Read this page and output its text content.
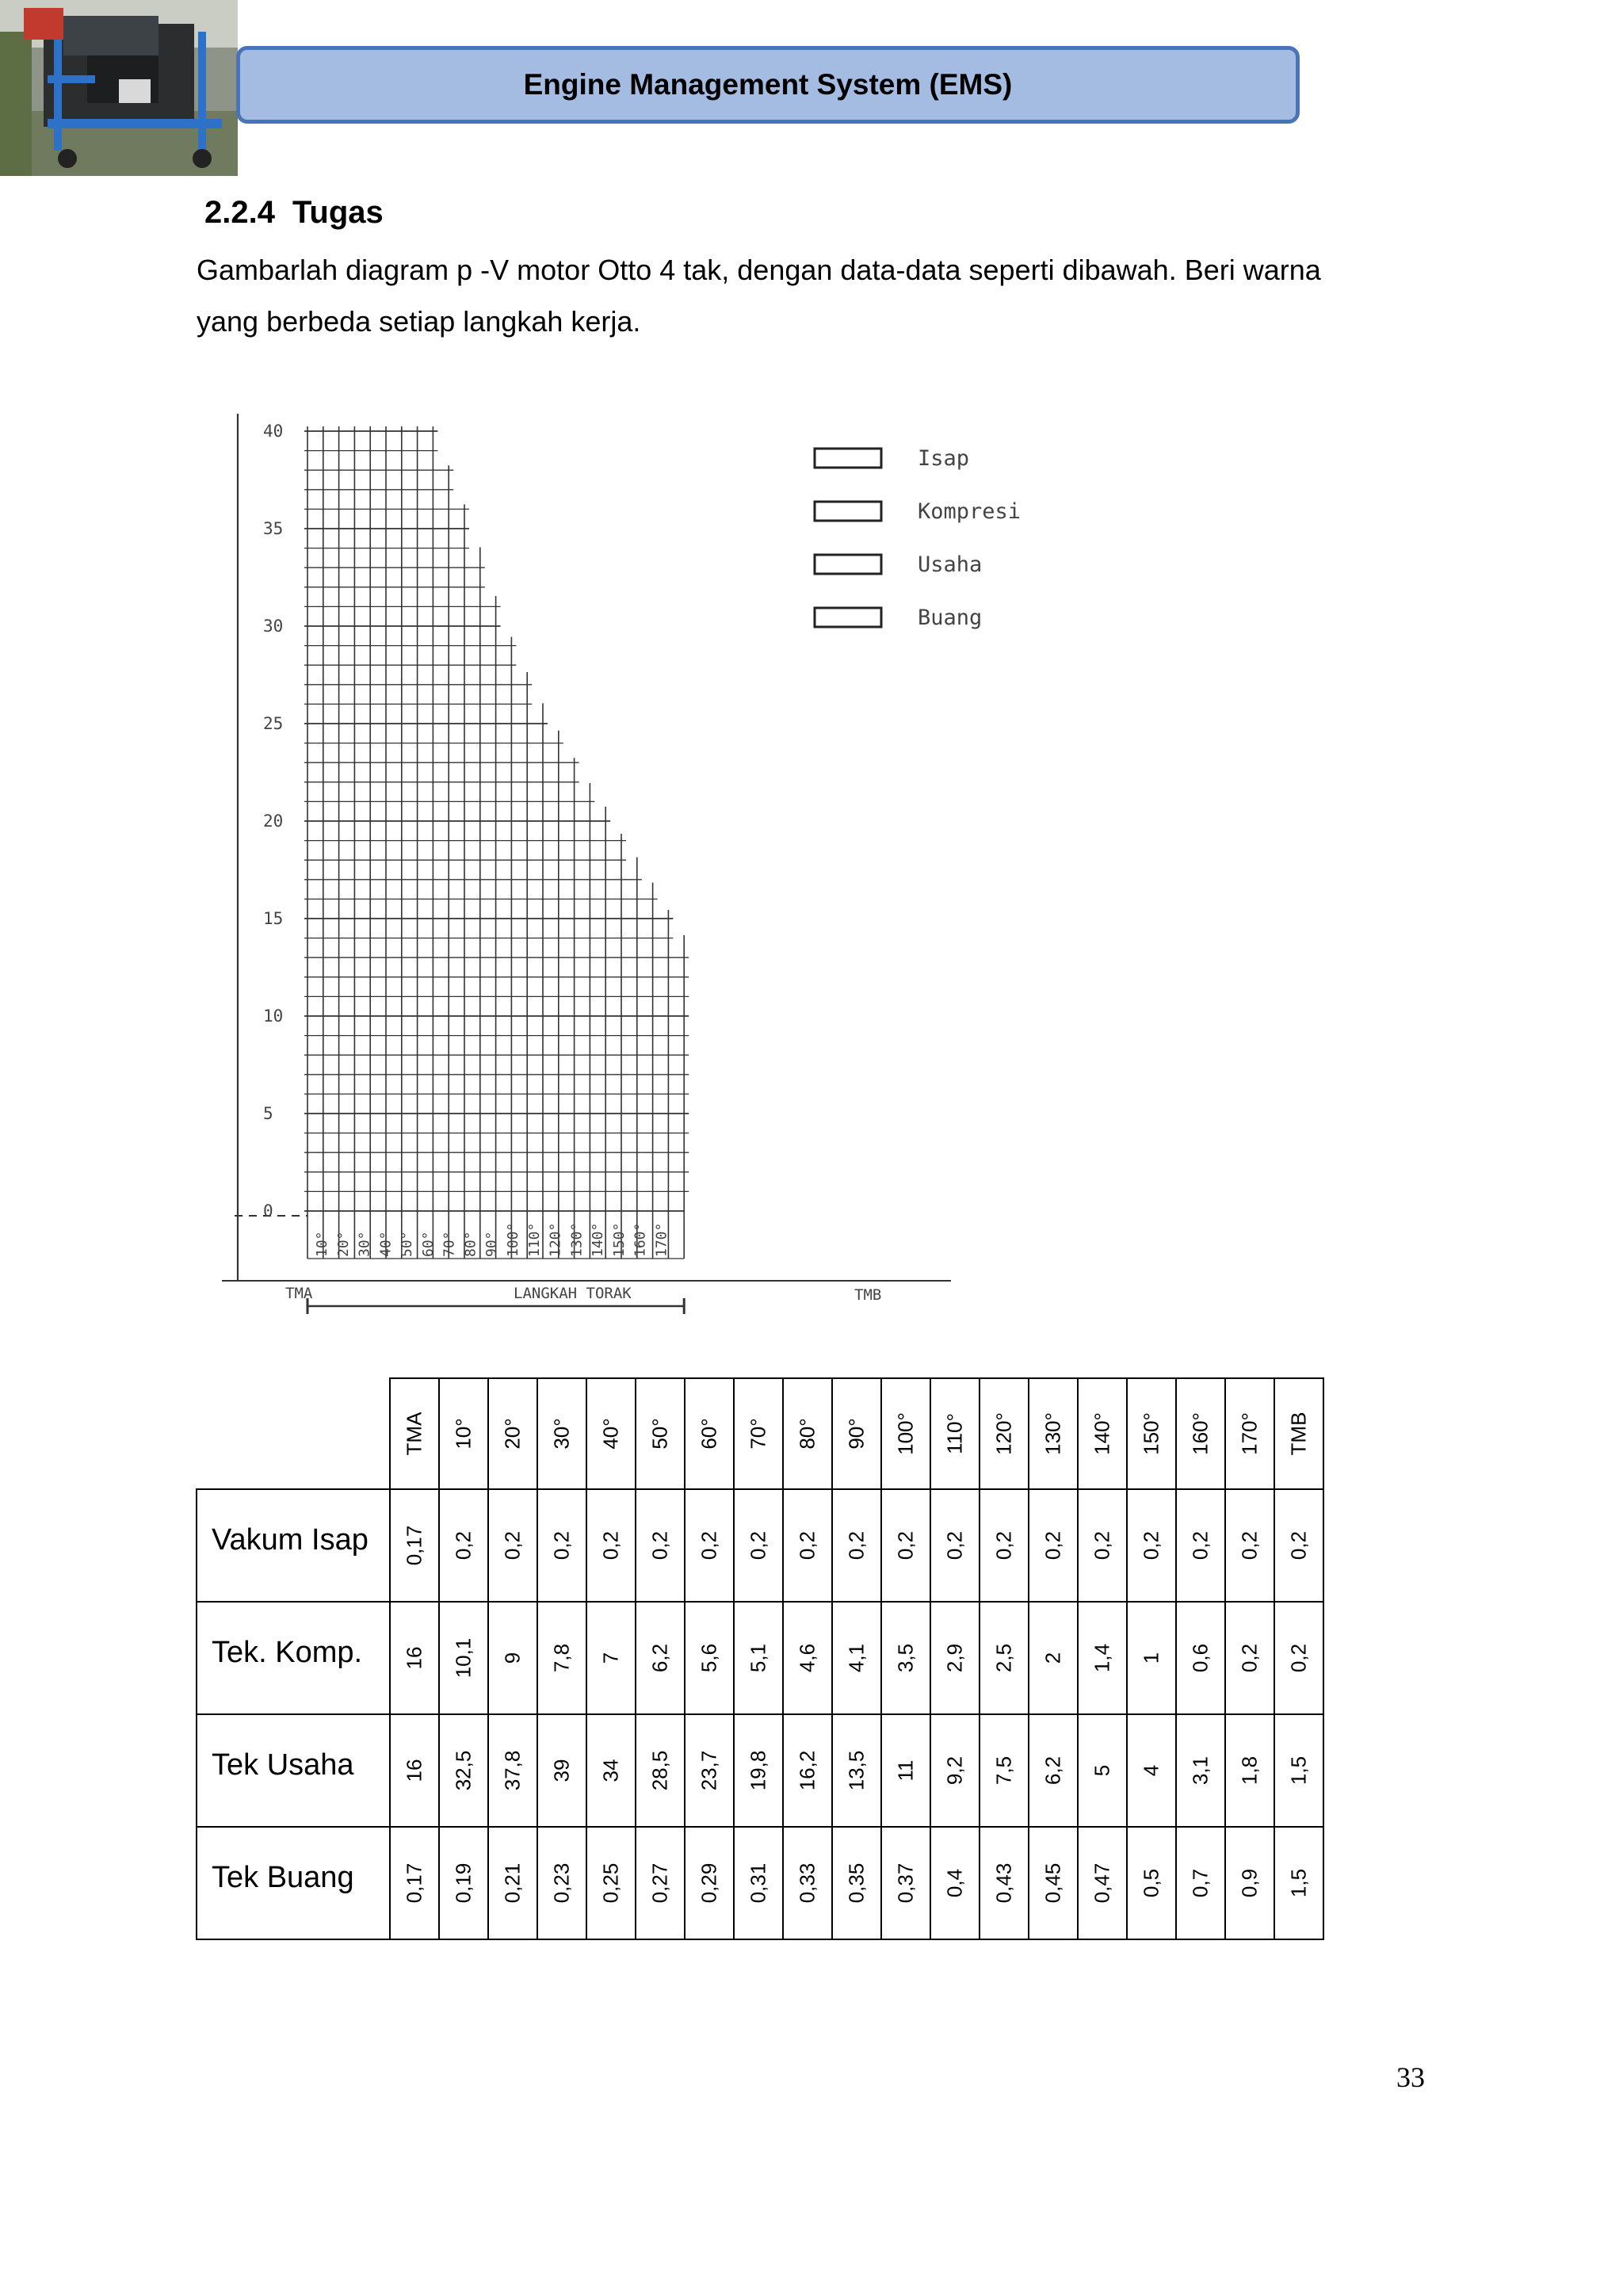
Engine Management System (EMS)
2.2.4 Tugas
Gambarlah diagram p -V motor Otto 4 tak, dengan data-data seperti dibawah. Beri warna
yang berbeda setiap langkah kerja.
40
35
30
25
20
15
10
5
0
10° 20° 30° 40° 50° 60° 70° 80° 90° 100° 110° 120° 130° 140° 150° 160° 170°
Isap
Kompresi
Usaha
Buang
TMA	TMB
LANGKAH TORAK

	TMA	10°	20°	30°	40°	50°	60°	70°	80°	90°	100°	110°	120°	130°	140°	150°	160°	170°	TMB

Vakum Isap	0,17	0,2	0,2	0,2	0,2	0,2	0,2	0,2	0,2	0,2	0,2	0,2	0,2	0,2	0,2	0,2	0,2	0,2	0,2

Tek. Komp.	16	10,1	9	7,8	7	6,2	5,6	5,1	4,6	4,1	3,5	2,9	2,5	2	1,4	1	0,6	0,2	0,2

Tek Usaha	16	32,5	37,8	39	34	28,5	23,7	19,8	16,2	13,5	11	9,2	7,5	6,2	5	4	3,1	1,8	1,5

Tek Buang	0,17	0,19	0,21	0,23	0,25	0,27	0,29	0,31	0,33	0,35	0,37	0,4	0,43	0,45	0,47	0,5	0,7	0,9	1,5
33
